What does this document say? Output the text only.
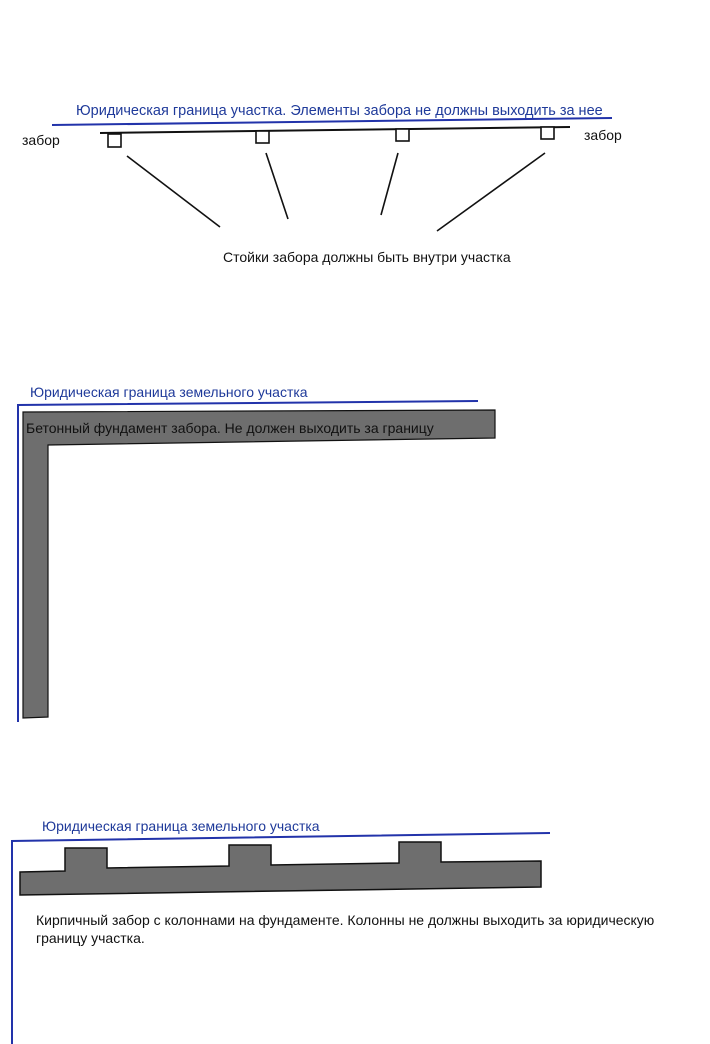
Юридическая граница участка. Элементы забора не должны выходить за нее
забор	забор
Стойки забора должны быть внутри участка
Юридическая граница земельного участка
Бетонный фундамент забора. Не должен выходить за границу
Юридическая граница земельного участка
Кирпичный забор с колоннами на фундаменте. Колонны не должны выходить за юридическую границу участка.
